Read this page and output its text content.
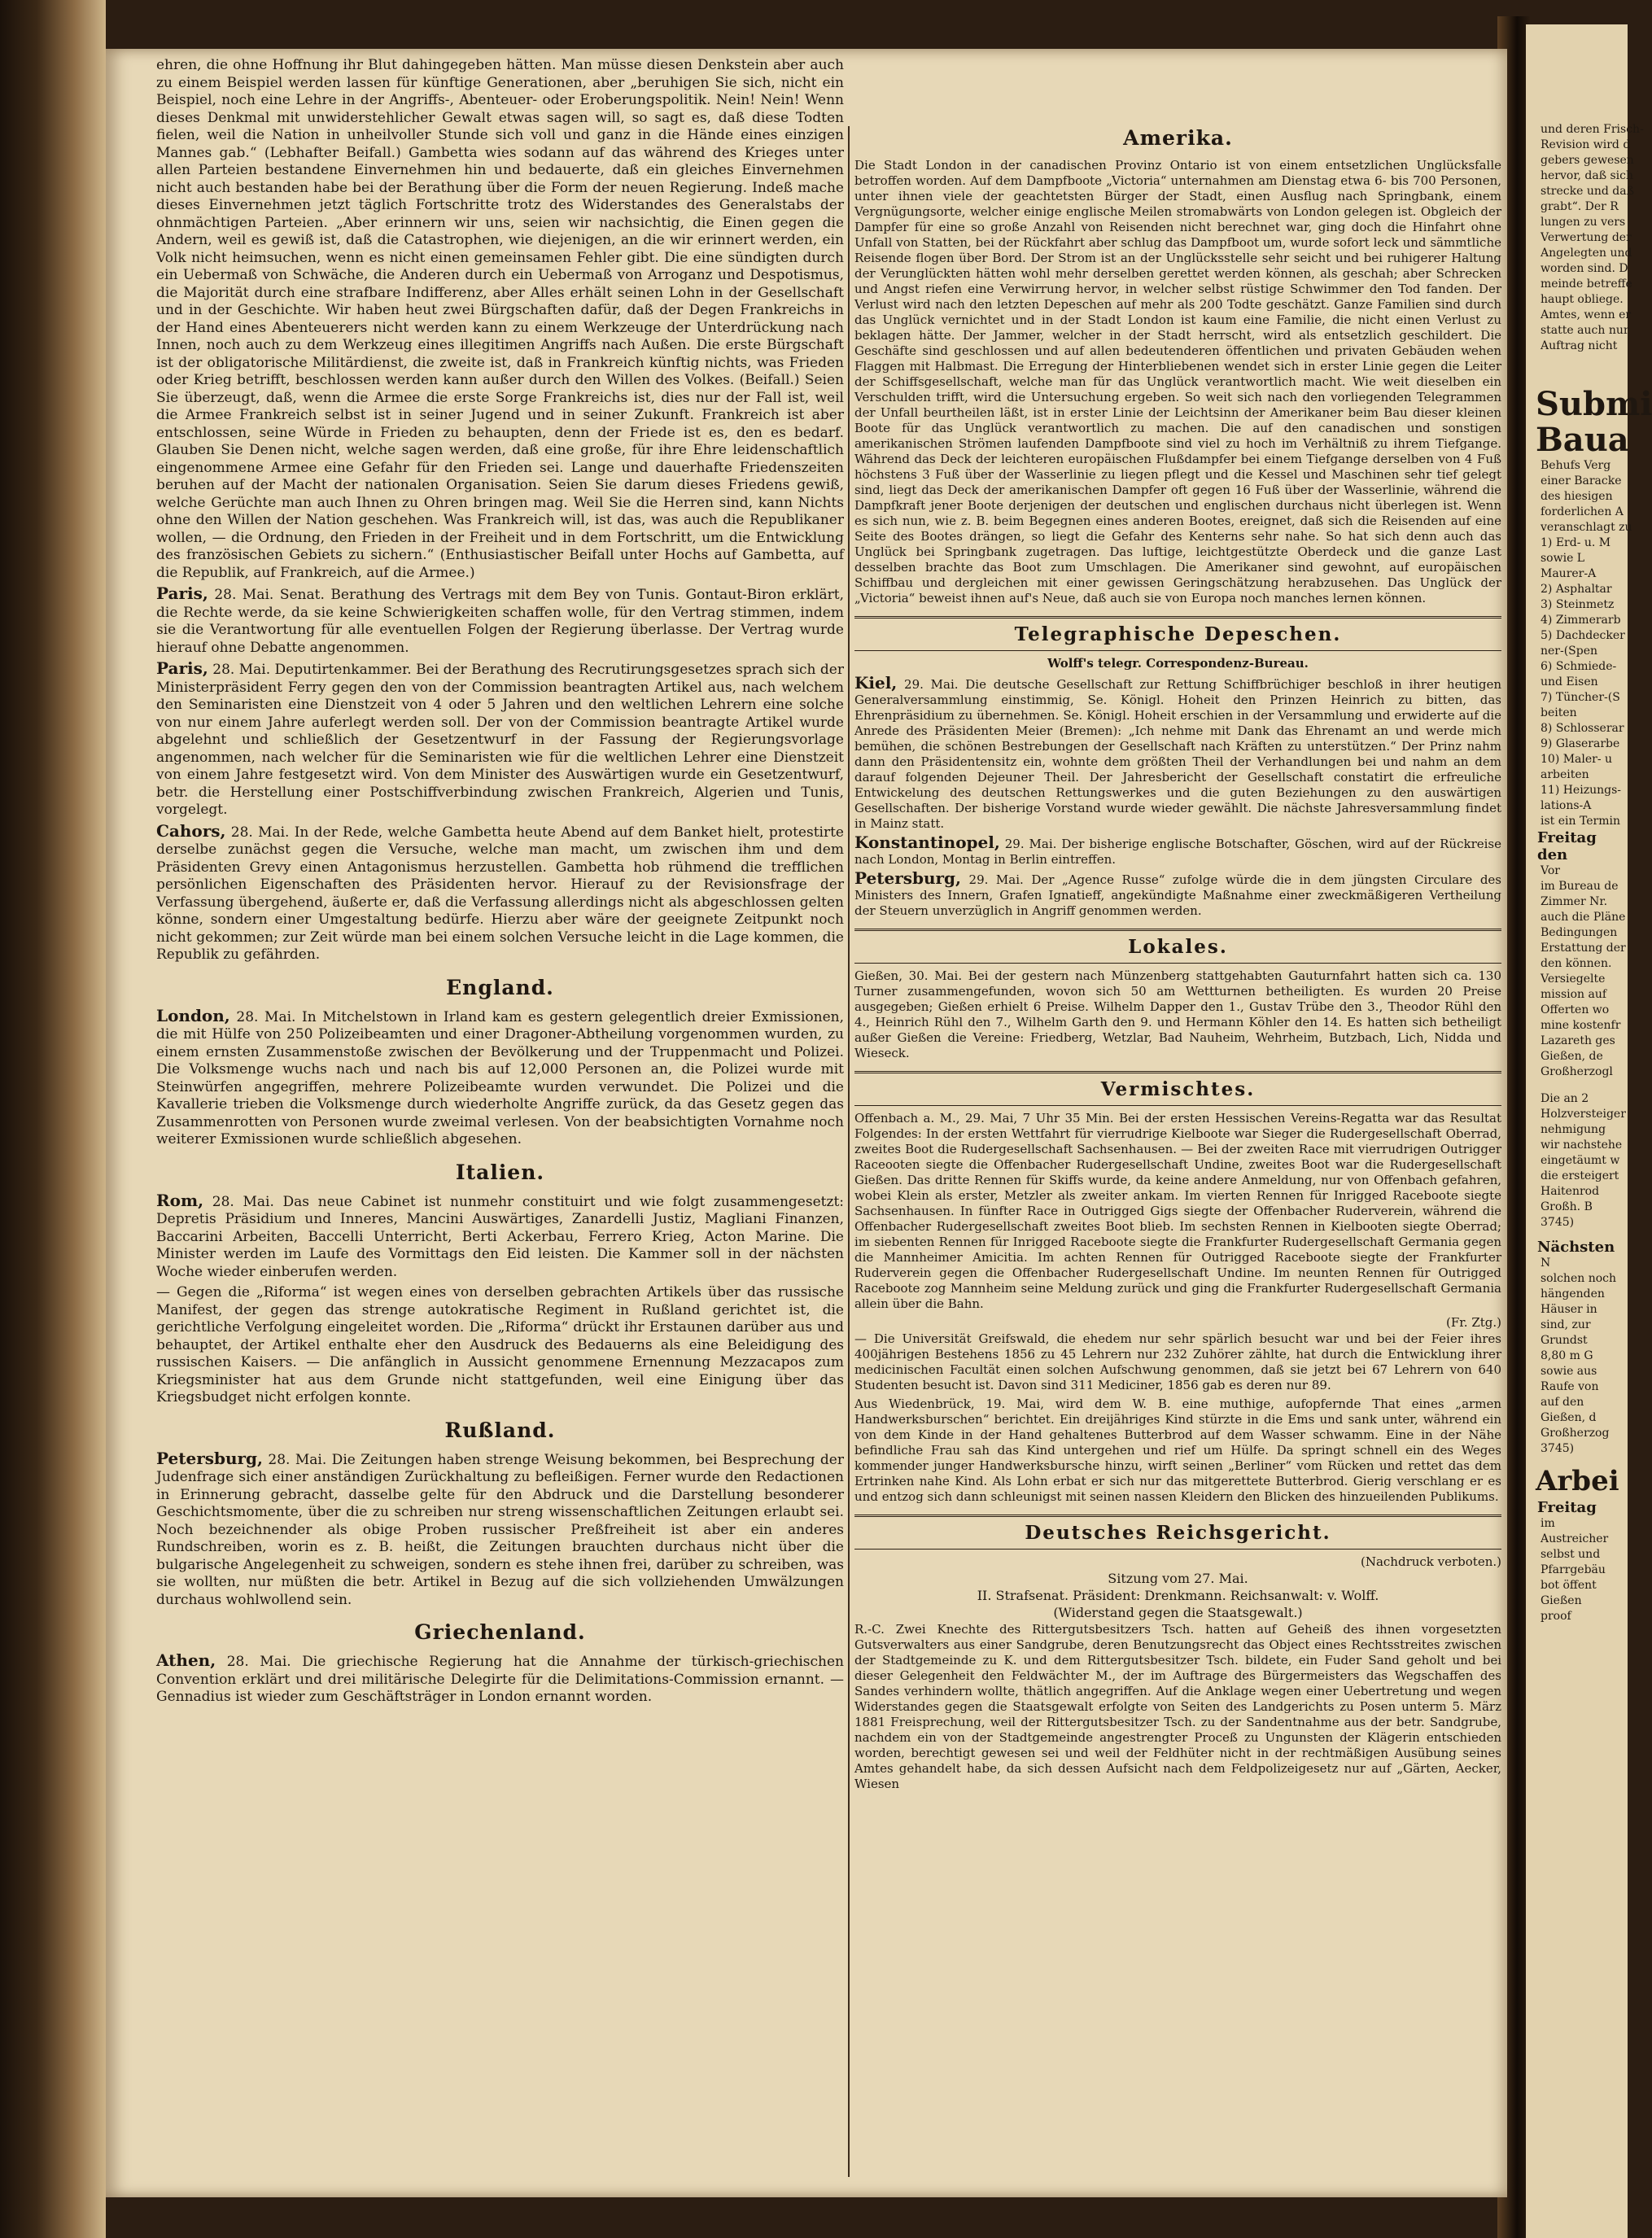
ehren, die ohne Hoffnung ihr Blut dahingegeben hätten. Man müsse diesen Denkstein aber auch zu einem Beispiel werden lassen für künftige Generationen, aber „beruhigen Sie sich, nicht ein Beispiel, noch eine Lehre in der Angriffs-, Abenteuer- oder Eroberungspolitik. Nein! Nein! Wenn dieses Denkmal mit unwiderstehlicher Gewalt etwas sagen will, so sagt es, daß diese Todten fielen, weil die Nation in unheilvoller Stunde sich voll und ganz in die Hände eines einzigen Mannes gab.“ (Lebhafter Beifall.) Gambetta wies sodann auf das während des Krieges unter allen Parteien bestandene Einvernehmen hin und bedauerte, daß ein gleiches Einvernehmen nicht auch bestanden habe bei der Berathung über die Form der neuen Regierung. Indeß mache dieses Einvernehmen jetzt täglich Fortschritte trotz des Widerstandes des Generalstabs der ohnmächtigen Parteien. „Aber erinnern wir uns, seien wir nachsichtig, die Einen gegen die Andern, weil es gewiß ist, daß die Catastrophen, wie diejenigen, an die wir erinnert werden, ein Volk nicht heimsuchen, wenn es nicht einen gemeinsamen Fehler gibt. Die eine sündigten durch ein Uebermaß von Schwäche, die Anderen durch ein Uebermaß von Arroganz und Despotismus, die Majorität durch eine strafbare Indifferenz, aber Alles erhält seinen Lohn in der Gesellschaft und in der Geschichte. Wir haben heut zwei Bürgschaften dafür, daß der Degen Frankreichs in der Hand eines Abenteuerers nicht werden kann zu einem Werkzeuge der Unterdrückung nach Innen, noch auch zu dem Werkzeug eines illegitimen Angriffs nach Außen. Die erste Bürgschaft ist der obligatorische Militärdienst, die zweite ist, daß in Frankreich künftig nichts, was Frieden oder Krieg betrifft, beschlossen werden kann außer durch den Willen des Volkes. (Beifall.) Seien Sie überzeugt, daß, wenn die Armee die erste Sorge Frankreichs ist, dies nur der Fall ist, weil die Armee Frankreich selbst ist in seiner Jugend und in seiner Zukunft. Frankreich ist aber entschlossen, seine Würde in Frieden zu behaupten, denn der Friede ist es, den es bedarf. Glauben Sie Denen nicht, welche sagen werden, daß eine große, für ihre Ehre leidenschaftlich eingenommene Armee eine Gefahr für den Frieden sei. Lange und dauerhafte Friedenszeiten beruhen auf der Macht der nationalen Organisation. Seien Sie darum dieses Friedens gewiß, welche Gerüchte man auch Ihnen zu Ohren bringen mag. Weil Sie die Herren sind, kann Nichts ohne den Willen der Nation geschehen. Was Frankreich will, ist das, was auch die Republikaner wollen, — die Ordnung, den Frieden in der Freiheit und in dem Fortschritt, um die Entwicklung des französischen Gebiets zu sichern.“ (Enthusiastischer Beifall unter Hochs auf Gambetta, auf die Republik, auf Frankreich, auf die Armee.)

Paris, 28. Mai. Senat. Berathung des Vertrags mit dem Bey von Tunis. Gontaut-Biron erklärt, die Rechte werde, da sie keine Schwierigkeiten schaffen wolle, für den Vertrag stimmen, indem sie die Verantwortung für alle eventuellen Folgen der Regierung überlasse. Der Vertrag wurde hierauf ohne Debatte angenommen.

Paris, 28. Mai. Deputirtenkammer. Bei der Berathung des Recrutirungsgesetzes sprach sich der Ministerpräsident Ferry gegen den von der Commission beantragten Artikel aus, nach welchem den Seminaristen eine Dienstzeit von 4 oder 5 Jahren und den weltlichen Lehrern eine solche von nur einem Jahre auferlegt werden soll. Der von der Commission beantragte Artikel wurde abgelehnt und schließlich der Gesetzentwurf in der Fassung der Regierungsvorlage angenommen, nach welcher für die Seminaristen wie für die weltlichen Lehrer eine Dienstzeit von einem Jahre festgesetzt wird. Von dem Minister des Auswärtigen wurde ein Gesetzentwurf, betr. die Herstellung einer Postschiffverbindung zwischen Frankreich, Algerien und Tunis, vorgelegt.

Cahors, 28. Mai. In der Rede, welche Gambetta heute Abend auf dem Banket hielt, protestirte derselbe zunächst gegen die Versuche, welche man macht, um zwischen ihm und dem Präsidenten Grevy einen Antagonismus herzustellen. Gambetta hob rühmend die trefflichen persönlichen Eigenschaften des Präsidenten hervor. Hierauf zu der Revisionsfrage der Verfassung übergehend, äußerte er, daß die Verfassung allerdings nicht als abgeschlossen gelten könne, sondern einer Umgestaltung bedürfe. Hierzu aber wäre der geeignete Zeitpunkt noch nicht gekommen; zur Zeit würde man bei einem solchen Versuche leicht in die Lage kommen, die Republik zu gefährden.

England.

London, 28. Mai. In Mitchelstown in Irland kam es gestern gelegentlich dreier Exmissionen, die mit Hülfe von 250 Polizeibeamten und einer Dragoner-Abtheilung vorgenommen wurden, zu einem ernsten Zusammenstoße zwischen der Bevölkerung und der Truppenmacht und Polizei. Die Volksmenge wuchs nach und nach bis auf 12,000 Personen an, die Polizei wurde mit Steinwürfen angegriffen, mehrere Polizeibeamte wurden verwundet. Die Polizei und die Kavallerie trieben die Volksmenge durch wiederholte Angriffe zurück, da das Gesetz gegen das Zusammenrotten von Personen wurde zweimal verlesen. Von der beabsichtigten Vornahme noch weiterer Exmissionen wurde schließlich abgesehen.

Italien.

Rom, 28. Mai. Das neue Cabinet ist nunmehr constituirt und wie folgt zusammengesetzt: Depretis Präsidium und Inneres, Mancini Auswärtiges, Zanardelli Justiz, Magliani Finanzen, Baccarini Arbeiten, Baccelli Unterricht, Berti Ackerbau, Ferrero Krieg, Acton Marine. Die Minister werden im Laufe des Vormittags den Eid leisten. Die Kammer soll in der nächsten Woche wieder einberufen werden.

— Gegen die „Riforma“ ist wegen eines von derselben gebrachten Artikels über das russische Manifest, der gegen das strenge autokratische Regiment in Rußland gerichtet ist, die gerichtliche Verfolgung eingeleitet worden. Die „Riforma“ drückt ihr Erstaunen darüber aus und behauptet, der Artikel enthalte eher den Ausdruck des Bedauerns als eine Beleidigung des russischen Kaisers. — Die anfänglich in Aussicht genommene Ernennung Mezzacapos zum Kriegsminister hat aus dem Grunde nicht stattgefunden, weil eine Einigung über das Kriegsbudget nicht erfolgen konnte.

Rußland.

Petersburg, 28. Mai. Die Zeitungen haben strenge Weisung bekommen, bei Besprechung der Judenfrage sich einer anständigen Zurückhaltung zu befleißigen. Ferner wurde den Redactionen in Erinnerung gebracht, dasselbe gelte für den Abdruck und die Darstellung besonderer Geschichtsmomente, über die zu schreiben nur streng wissenschaftlichen Zeitungen erlaubt sei. Noch bezeichnender als obige Proben russischer Preßfreiheit ist aber ein anderes Rundschreiben, worin es z. B. heißt, die Zeitungen brauchten durchaus nicht über die bulgarische Angelegenheit zu schweigen, sondern es stehe ihnen frei, darüber zu schreiben, was sie wollten, nur müßten die betr. Artikel in Bezug auf die sich vollziehenden Umwälzungen durchaus wohlwollend sein.

Griechenland.

Athen, 28. Mai. Die griechische Regierung hat die Annahme der türkisch-griechischen Convention erklärt und drei militärische Delegirte für die Delimitations-Commission ernannt. — Gennadius ist wieder zum Geschäftsträger in London ernannt worden.

Amerika.

Die Stadt London in der canadischen Provinz Ontario ist von einem entsetzlichen Unglücksfalle betroffen worden. Auf dem Dampfboote „Victoria“ unternahmen am Dienstag etwa 6- bis 700 Personen, unter ihnen viele der geachtetsten Bürger der Stadt, einen Ausflug nach Springbank, einem Vergnügungsorte, welcher einige englische Meilen stromabwärts von London gelegen ist. Obgleich der Dampfer für eine so große Anzahl von Reisenden nicht berechnet war, ging doch die Hinfahrt ohne Unfall von Statten, bei der Rückfahrt aber schlug das Dampfboot um, wurde sofort leck und sämmtliche Reisende flogen über Bord. Der Strom ist an der Unglücksstelle sehr seicht und bei ruhigerer Haltung der Verunglückten hätten wohl mehr derselben gerettet werden können, als geschah; aber Schrecken und Angst riefen eine Verwirrung hervor, in welcher selbst rüstige Schwimmer den Tod fanden. Der Verlust wird nach den letzten Depeschen auf mehr als 200 Todte geschätzt. Ganze Familien sind durch das Unglück vernichtet und in der Stadt London ist kaum eine Familie, die nicht einen Verlust zu beklagen hätte. Der Jammer, welcher in der Stadt herrscht, wird als entsetzlich geschildert. Die Geschäfte sind geschlossen und auf allen bedeutenderen öffentlichen und privaten Gebäuden wehen Flaggen mit Halbmast. Die Erregung der Hinterbliebenen wendet sich in erster Linie gegen die Leiter der Schiffsgesellschaft, welche man für das Unglück verantwortlich macht. Wie weit dieselben ein Verschulden trifft, wird die Untersuchung ergeben. So weit sich nach den vorliegenden Telegrammen der Unfall beurtheilen läßt, ist in erster Linie der Leichtsinn der Amerikaner beim Bau dieser kleinen Boote für das Unglück verantwortlich zu machen. Die auf den canadischen und sonstigen amerikanischen Strömen laufenden Dampfboote sind viel zu hoch im Verhältniß zu ihrem Tiefgange. Während das Deck der leichteren europäischen Flußdampfer bei einem Tiefgange derselben von 4 Fuß höchstens 3 Fuß über der Wasserlinie zu liegen pflegt und die Kessel und Maschinen sehr tief gelegt sind, liegt das Deck der amerikanischen Dampfer oft gegen 16 Fuß über der Wasserlinie, während die Dampfkraft jener Boote derjenigen der deutschen und englischen durchaus nicht überlegen ist. Wenn es sich nun, wie z. B. beim Begegnen eines anderen Bootes, ereignet, daß sich die Reisenden auf eine Seite des Bootes drängen, so liegt die Gefahr des Kenterns sehr nahe. So hat sich denn auch das Unglück bei Springbank zugetragen. Das luftige, leichtgestützte Oberdeck und die ganze Last desselben brachte das Boot zum Umschlagen. Die Amerikaner sind gewohnt, auf europäischen Schiffbau und dergleichen mit einer gewissen Geringschätzung herabzusehen. Das Unglück der „Victoria“ beweist ihnen auf's Neue, daß auch sie von Europa noch manches lernen können.

Telegraphische Depeschen.
Wolff's telegr. Correspondenz-Bureau.

Kiel, 29. Mai. Die deutsche Gesellschaft zur Rettung Schiffbrüchiger beschloß in ihrer heutigen Generalversammlung einstimmig, Se. Königl. Hoheit den Prinzen Heinrich zu bitten, das Ehrenpräsidium zu übernehmen. Se. Königl. Hoheit erschien in der Versammlung und erwiderte auf die Anrede des Präsidenten Meier (Bremen): „Ich nehme mit Dank das Ehrenamt an und werde mich bemühen, die schönen Bestrebungen der Gesellschaft nach Kräften zu unterstützen.“ Der Prinz nahm dann den Präsidentensitz ein, wohnte dem größten Theil der Verhandlungen bei und nahm an dem darauf folgenden Dejeuner Theil. Der Jahresbericht der Gesellschaft constatirt die erfreuliche Entwickelung des deutschen Rettungswerkes und die guten Beziehungen zu den auswärtigen Gesellschaften. Der bisherige Vorstand wurde wieder gewählt. Die nächste Jahresversammlung findet in Mainz statt.

Konstantinopel, 29. Mai. Der bisherige englische Botschafter, Göschen, wird auf der Rückreise nach London, Montag in Berlin eintreffen.

Petersburg, 29. Mai. Der „Agence Russe“ zufolge würde die in dem jüngsten Circulare des Ministers des Innern, Grafen Ignatieff, angekündigte Maßnahme einer zweckmäßigeren Vertheilung der Steuern unverzüglich in Angriff genommen werden.

Lokales.

Gießen, 30. Mai. Bei der gestern nach Münzenberg stattgehabten Gauturnfahrt hatten sich ca. 130 Turner zusammengefunden, wovon sich 50 am Wettturnen betheiligten. Es wurden 20 Preise ausgegeben; Gießen erhielt 6 Preise. Wilhelm Dapper den 1., Gustav Trübe den 3., Theodor Rühl den 4., Heinrich Rühl den 7., Wilhelm Garth den 9. und Hermann Köhler den 14. Es hatten sich betheiligt außer Gießen die Vereine: Friedberg, Wetzlar, Bad Nauheim, Wehrheim, Butzbach, Lich, Nidda und Wieseck.

Vermischtes.

Offenbach a. M., 29. Mai, 7 Uhr 35 Min. Bei der ersten Hessischen Vereins-Regatta war das Resultat Folgendes: In der ersten Wettfahrt für vierrudrige Kielboote war Sieger die Rudergesellschaft Oberrad, zweites Boot die Rudergesellschaft Sachsenhausen. — Bei der zweiten Race mit vierrudrigen Outrigger Raceooten siegte die Offenbacher Rudergesellschaft Undine, zweites Boot war die Rudergesellschaft Gießen. Das dritte Rennen für Skiffs wurde, da keine andere Anmeldung, nur von Offenbach gefahren, wobei Klein als erster, Metzler als zweiter ankam. Im vierten Rennen für Inrigged Raceboote siegte Sachsenhausen. In fünfter Race in Outrigged Gigs siegte der Offenbacher Ruderverein, während die Offenbacher Rudergesellschaft zweites Boot blieb. Im sechsten Rennen in Kielbooten siegte Oberrad; im siebenten Rennen für Inrigged Raceboote siegte die Frankfurter Rudergesellschaft Germania gegen die Mannheimer Amicitia. Im achten Rennen für Outrigged Raceboote siegte der Frankfurter Ruderverein gegen die Offenbacher Rudergesellschaft Undine. Im neunten Rennen für Outrigged Raceboote zog Mannheim seine Meldung zurück und ging die Frankfurter Rudergesellschaft Germania allein über die Bahn.

(Fr. Ztg.)

— Die Universität Greifswald, die ehedem nur sehr spärlich besucht war und bei der Feier ihres 400jährigen Bestehens 1856 zu 45 Lehrern nur 232 Zuhörer zählte, hat durch die Entwicklung ihrer medicinischen Facultät einen solchen Aufschwung genommen, daß sie jetzt bei 67 Lehrern von 640 Studenten besucht ist. Davon sind 311 Mediciner, 1856 gab es deren nur 89.

Aus Wiedenbrück, 19. Mai, wird dem W. B. eine muthige, aufopfernde That eines „armen Handwerksburschen“ berichtet. Ein dreijähriges Kind stürzte in die Ems und sank unter, während ein von dem Kinde in der Hand gehaltenes Butterbrod auf dem Wasser schwamm. Eine in der Nähe befindliche Frau sah das Kind untergehen und rief um Hülfe. Da springt schnell ein des Weges kommender junger Handwerksbursche hinzu, wirft seinen „Berliner“ vom Rücken und rettet das dem Ertrinken nahe Kind. Als Lohn erbat er sich nur das mitgerettete Butterbrod. Gierig verschlang er es und entzog sich dann schleunigst mit seinen nassen Kleidern den Blicken des hinzueilenden Publikums.

Deutsches Reichsgericht.
(Nachdruck verboten.)
Sitzung vom 27. Mai.
II. Strafsenat. Präsident: Drenkmann. Reichsanwalt: v. Wolff.
(Widerstand gegen die Staatsgewalt.)

R.-C. Zwei Knechte des Rittergutsbesitzers Tsch. hatten auf Geheiß des ihnen vorgesetzten Gutsverwalters aus einer Sandgrube, deren Benutzungsrecht das Object eines Rechtsstreites zwischen der Stadtgemeinde zu K. und dem Rittergutsbesitzer Tsch. bildete, ein Fuder Sand geholt und bei dieser Gelegenheit den Feldwächter M., der im Auftrage des Bürgermeisters das Wegschaffen des Sandes verhindern wollte, thätlich angegriffen. Auf die Anklage wegen einer Uebertretung und wegen Widerstandes gegen die Staatsgewalt erfolgte von Seiten des Landgerichts zu Posen unterm 5. März 1881 Freisprechung, weil der Rittergutsbesitzer Tsch. zu der Sandentnahme aus der betr. Sandgrube, nachdem ein von der Stadtgemeinde angestrengter Proceß zu Ungunsten der Klägerin entschieden worden, berechtigt gewesen sei und weil der Feldhüter nicht in der rechtmäßigen Ausübung seines Amtes gehandelt habe, da sich dessen Aufsicht nach dem Feldpolizeigesetz nur auf „Gärten, Aecker, Wiesen

und deren Frisch-
Revision wird d
gebers gewesen
hervor, daß sich
strecke und daß
grabt“. Der R
lungen zu vers
Verwertung der
Angelegten und
worden sind. D
meinde betreffe
haupt obliege.
Amtes, wenn er
statte auch nur
Auftrag nicht
Submi
Baua
Behufs Verg
einer Baracke
des hiesigen
forderlichen A
veranschlagt zu
1) Erd- u. M
sowie L
Maurer-A
2) Asphaltar
3) Steinmetz
4) Zimmerarb
5) Dachdecker
ner-(Spen
6) Schmiede-
und Eisen
7) Tüncher-(S
beiten
8) Schlosserar
9) Glaserarbe
10) Maler- u
arbeiten
11) Heizungs-
lations-A
ist ein Termin
Freitag den
Vor
im Bureau de
Zimmer Nr.
auch die Pläne
Bedingungen
Erstattung der
den können.
Versiegelte
mission auf
Offerten wo
mine kostenfr
Lazareth ges
Gießen, de
Großherzogl
Die an 2
Holzversteiger
nehmigung
wir nachstehe
eingetäumt w
die ersteigert
Haitenrod
Großh. B
3745)
Nächsten
N
solchen noch
hängenden
Häuser in
sind, zur
Grundst
8,80 m G
sowie aus
Raufe von
auf den
Gießen, d
Großherzog
3745)
Arbei
Freitag
im
Austreicher
selbst und
Pfarrgebäu
bot öffent
Gießen
proof
